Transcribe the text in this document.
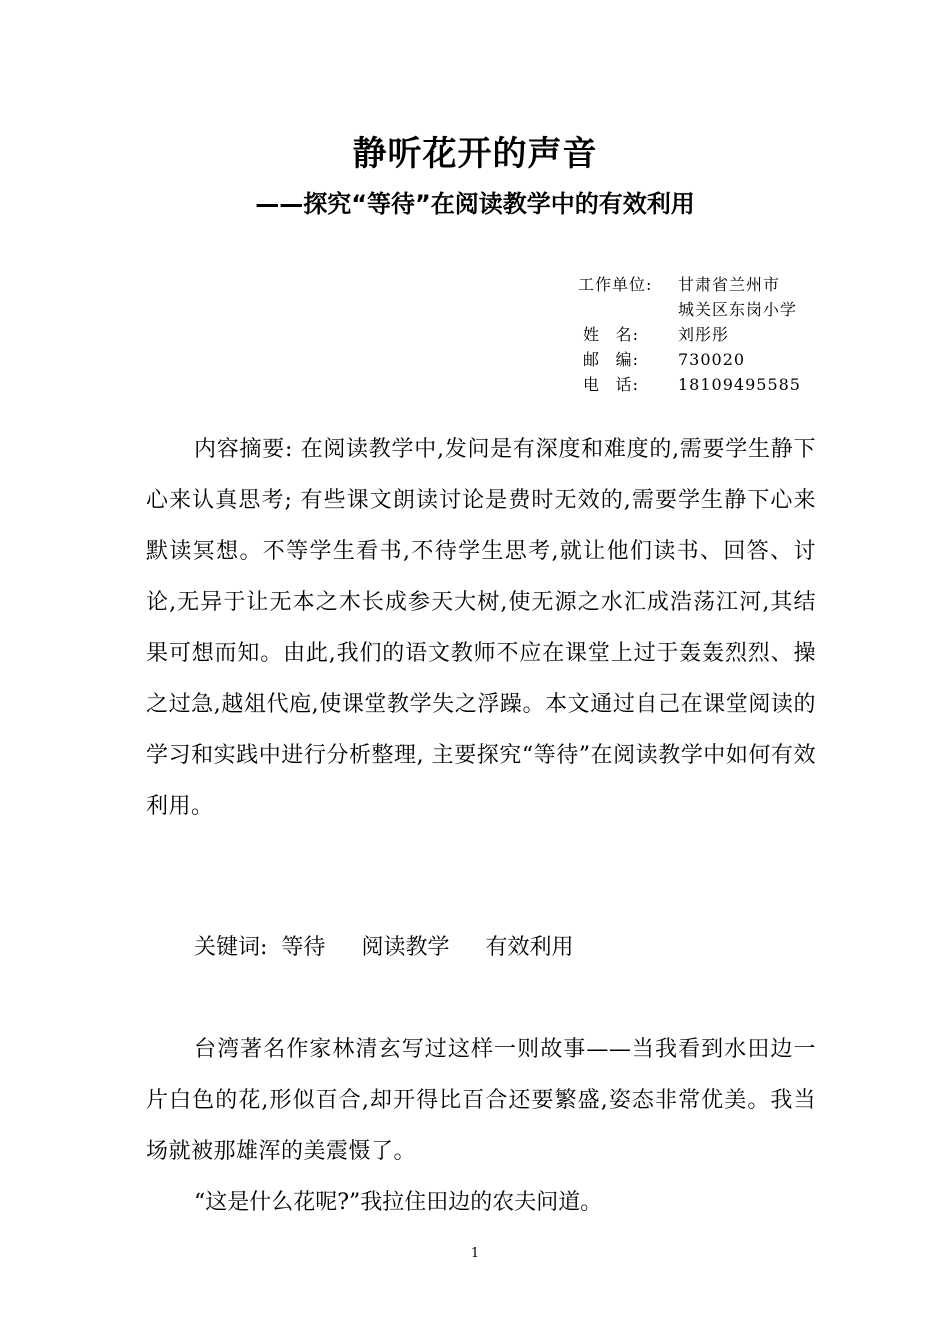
静听花开的声音
——探究“等待”在阅读教学中的有效利用
工作单位:	甘肃省兰州市
城关区东岗小学
姓 名: 刘彤彤
邮 编: 730020
电 话: 18109495585
内容摘要: 在阅读教学中,发问是有深度和难度的,需要学生静下心来认真思考; 有些课文朗读讨论是费时无效的,需要学生静下心来默读冥想。不等学生看书,不待学生思考,就让他们读书、回答、讨论,无异于让无本之木长成参天大树,使无源之水汇成浩荡江河,其结果可想而知。由此,我们的语文教师不应在课堂上过于轰轰烈烈、操之过急,越俎代庖,使课堂教学失之浮躁。本文通过自己在课堂阅读的学习和实践中进行分析整理, 主要探究“等待”在阅读教学中如何有效利用。
关键词: 等待 阅读教学 有效利用
台湾著名作家林清玄写过这样一则故事——当我看到水田边一片白色的花,形似百合,却开得比百合还要繁盛,姿态非常优美。我当场就被那雄浑的美震慑了。
“这是什么花呢?”我拉住田边的农夫问道。
1
